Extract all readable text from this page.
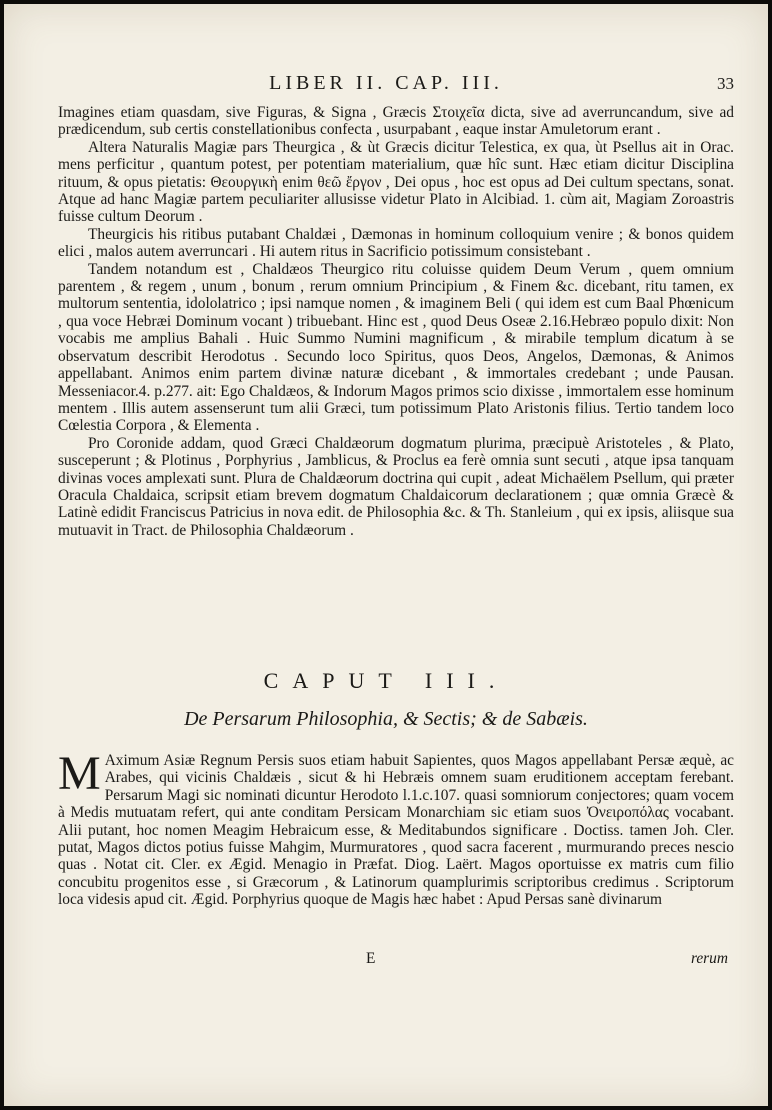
LIBER II. CAP. III.	33

Imagines etiam quasdam, sive Figuras, & Signa , Græcis Στοιχεῖα dicta, sive ad averruncandum, sive ad prædicendum, sub certis constellationibus confecta , usurpabant , eaque instar Amuletorum erant .

Altera Naturalis Magiæ pars Theurgica , & ùt Græcis dicitur Telestica, ex qua, ùt Psellus ait in Orac. mens perficitur , quantum potest, per potentiam materialium, quæ hîc sunt. Hæc etiam dicitur Disciplina rituum, & opus pietatis: Θεουργικὴ enim θεῶ ἔργον , Dei opus , hoc est opus ad Dei cultum spectans, sonat. Atque ad hanc Magiæ partem peculiariter allusisse videtur Plato in Alcibiad. 1. cùm ait, Magiam Zoroastris fuisse cultum Deorum .

Theurgicis his ritibus putabant Chaldæi , Dæmonas in hominum colloquium venire ; & bonos quidem elici , malos autem averruncari . Hi autem ritus in Sacrificio potissimum consistebant .

Tandem notandum est , Chaldæos Theurgico ritu coluisse quidem Deum Verum , quem omnium parentem , & regem , unum , bonum , rerum omnium Principium , & Finem &c. dicebant, ritu tamen, ex multorum sententia, idololatrico ; ipsi namque nomen , & imaginem Beli ( qui idem est cum Baal Phœnicum , qua voce Hebræi Dominum vocant ) tribuebant. Hinc est , quod Deus Oseæ 2.16.Hebræo populo dixit: Non vocabis me amplius Bahali . Huic Summo Numini magnificum , & mirabile templum dicatum à se observatum describit Herodotus . Secundo loco Spiritus, quos Deos, Angelos, Dæmonas, & Animos appellabant. Animos enim partem divinæ naturæ dicebant , & immortales credebant ; unde Pausan. Messeniacor.4. p.277. ait: Ego Chaldæos, & Indorum Magos primos scio dixisse , immortalem esse hominum mentem . Illis autem assenserunt tum alii Græci, tum potissimum Plato Aristonis filius. Tertio tandem loco Cœlestia Corpora , & Elementa .

Pro Coronide addam, quod Græci Chaldæorum dogmatum plurima, præcipuè Aristoteles , & Plato, susceperunt ; & Plotinus , Porphyrius , Jamblicus, & Proclus ea ferè omnia sunt secuti , atque ipsa tanquam divinas voces amplexati sunt. Plura de Chaldæorum doctrina qui cupit , adeat Michaëlem Psellum, qui præter Oracula Chaldaica, scripsit etiam brevem dogmatum Chaldaicorum declarationem ; quæ omnia Græcè & Latinè edidit Franciscus Patricius in nova edit. de Philosophia &c. & Th. Stanleium , qui ex ipsis, aliisque sua mutuavit in Tract. de Philosophia Chaldæorum .

CAPUT III.
De Persarum Philosophia, & Sectis; & de Sabæis.
M Aximum Asiæ Regnum Persis suos etiam habuit Sapientes, quos Magos appellabant Persæ æquè, ac Arabes, qui vicinis Chaldæis , sicut & hi Hebræis omnem suam eruditionem acceptam ferebant. Persarum Magi sic nominati dicuntur Herodoto l.1.c.107. quasi somniorum conjectores; quam vocem à Medis mutuatam refert, qui ante conditam Persicam Monarchiam sic etiam suos Ὀνειροπόλας vocabant. Alii putant, hoc nomen Meagim Hebraicum esse, & Meditabundos significare . Doctiss. tamen Joh. Cler. putat, Magos dictos potius fuisse Mahgim, Murmuratores , quod sacra facerent , murmurando preces nescio quas . Notat cit. Cler. ex Ægid. Menagio in Præfat. Diog. Laërt. Magos oportuisse ex matris cum filio concubitu progenitos esse , si Græcorum , & Latinorum quamplurimis scriptoribus credimus . Scriptorum loca videsis apud cit. Ægid. Porphyrius quoque de Magis hæc habet : Apud Persas sanè divinarum

E	rerum
